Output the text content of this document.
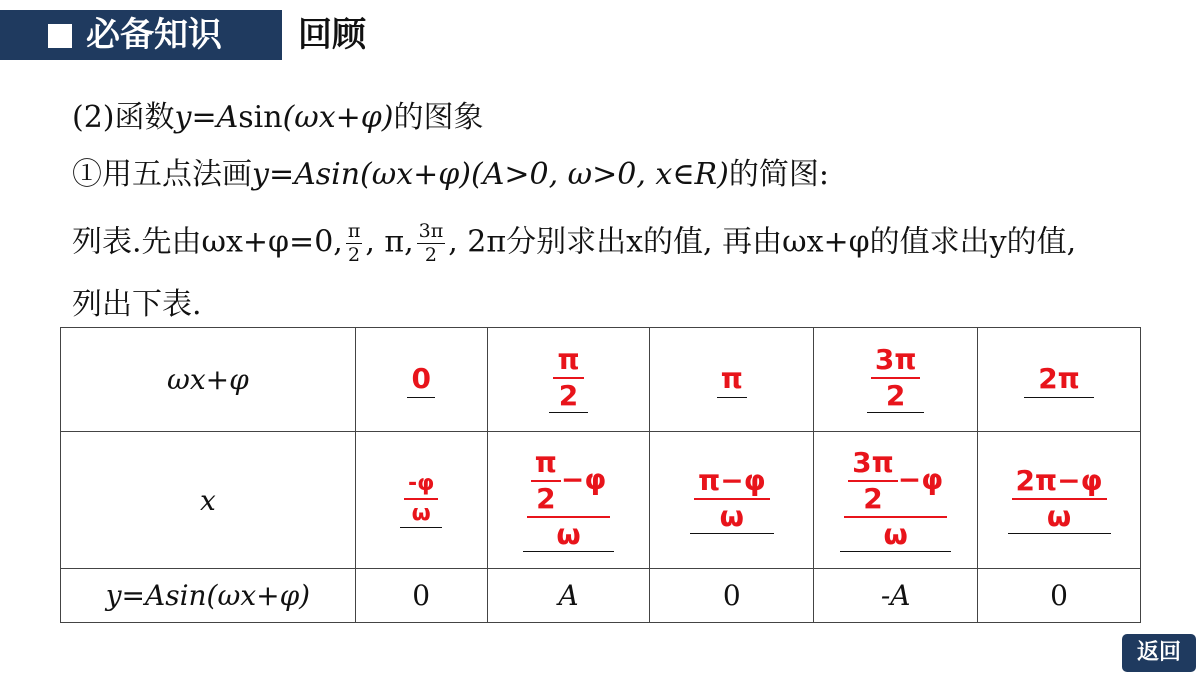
必备知识 回顾
(2)函数y=Asin(ωx+φ)的图象
①用五点法画y=Asin(ωx+φ)(A>0, ω>0, x∈R)的简图:
列表.先由ωx+φ=0, $\frac{\pi}{2}$ , π, $\frac{3\pi}{2}$ , 2π分别求出x的值, 再由ωx+φ的值求出y的值,
列出下表.
ωx+φ	0	$\frac{\pi}{2}$	π	$\frac{3\pi}{2}$	2π
x	$\frac{-\varphi}{\omega}$	$\frac{\frac{\pi}{2} -\varphi}{\omega}$	$\frac{\pi-\varphi}{\omega}$	$\frac{\frac{3\pi}{2} -\varphi}{\omega}$	$\frac{2\pi-\varphi}{\omega}$

y=Asin(ωx+φ)	0	A	0	-A	0
返回
